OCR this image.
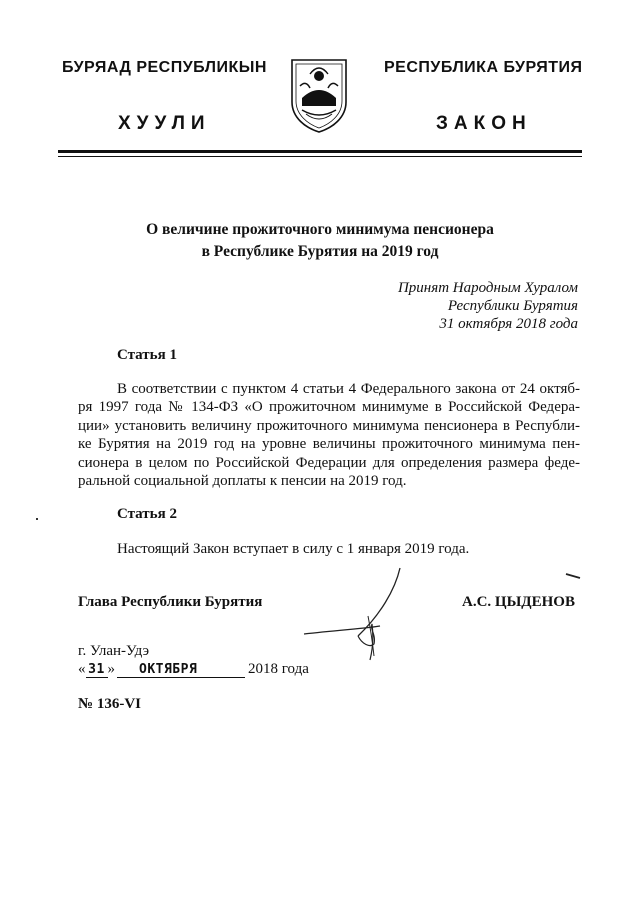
БУРЯАД РЕСПУБЛИКЫН
ХУУЛИ
РЕСПУБЛИКА БУРЯТИЯ
ЗАКОН
О величине прожиточного минимума пенсионера
в Республике Бурятия на 2019 год
Принят Народным Хуралом
Республики Бурятия
31 октября 2018 года
Статья 1
В соответствии с пунктом 4 статьи 4 Федерального закона от 24 октяб-
ря 1997 года № 134-ФЗ «О прожиточном минимуме в Российской Федера-
ции» установить величину прожиточного минимума пенсионера в Республи-
ке Бурятия на 2019 год на уровне величины прожиточного минимума пен-
сионера в целом по Российской Федерации для определения размера феде-
ральной социальной доплаты к пенсии на 2019 год.
Статья 2
Настоящий Закон вступает в силу с 1 января 2019 года.
Глава Республики Бурятия	А.С. ЦЫДЕНОВ
г. Улан-Удэ
« 31 » ОКТЯБРЯ	2018 года
№ 136-VI
